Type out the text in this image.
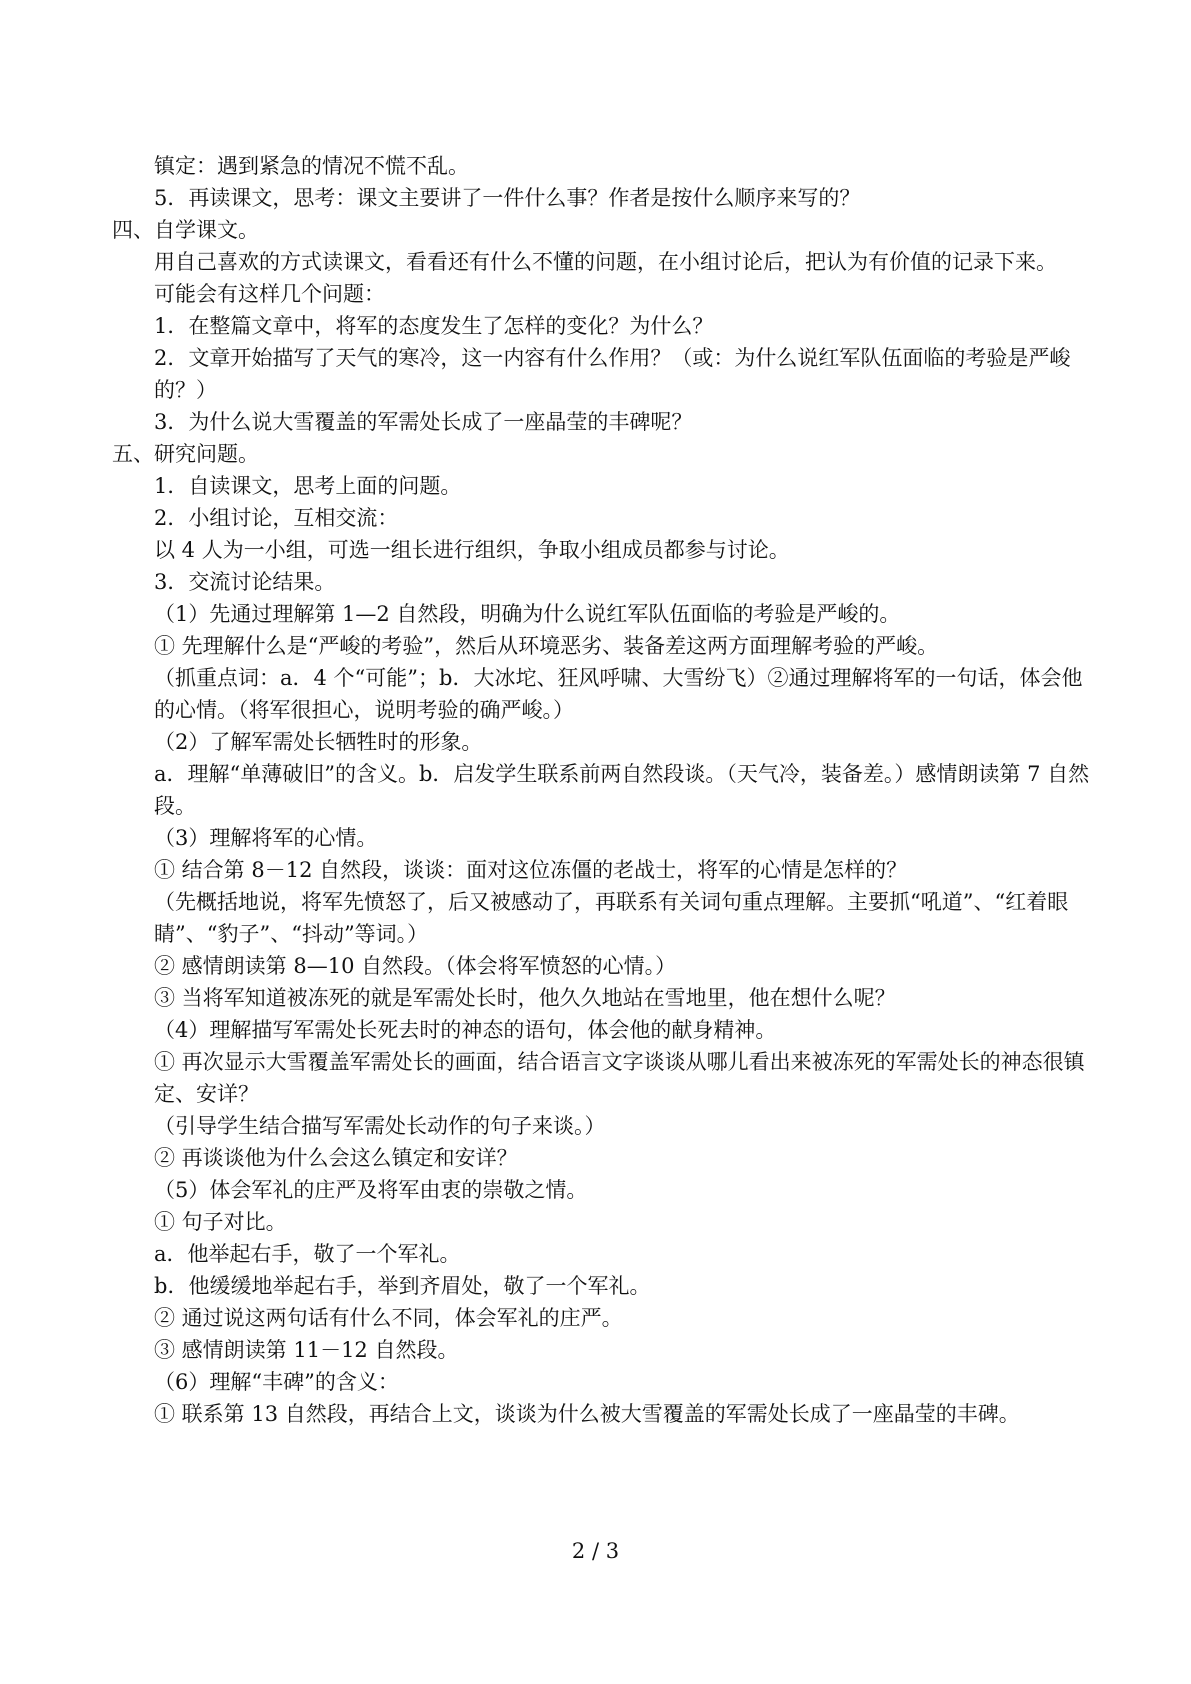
镇定：遇到紧急的情况不慌不乱。
5．再读课文，思考：课文主要讲了一件什么事？作者是按什么顺序来写的？
四、自学课文。
用自己喜欢的方式读课文，看看还有什么不懂的问题，在小组讨论后，把认为有价值的记录下来。
可能会有这样几个问题：
1．在整篇文章中，将军的态度发生了怎样的变化？为什么？
2．文章开始描写了天气的寒冷，这一内容有什么作用？（或：为什么说红军队伍面临的考验是严峻的？）
3．为什么说大雪覆盖的军需处长成了一座晶莹的丰碑呢？
五、研究问题。
1．自读课文，思考上面的问题。
2．小组讨论，互相交流：
以 4 人为一小组，可选一组长进行组织，争取小组成员都参与讨论。
3．交流讨论结果。
（1）先通过理解第 1—2 自然段，明确为什么说红军队伍面临的考验是严峻的。
① 先理解什么是“严峻的考验”，然后从环境恶劣、装备差这两方面理解考验的严峻。
（抓重点词：a．4 个“可能”；b．大冰坨、狂风呼啸、大雪纷飞）②通过理解将军的一句话，体会他的心情。（将军很担心，说明考验的确严峻。）
（2）了解军需处长牺牲时的形象。
a．理解“单薄破旧”的含义。b．启发学生联系前两自然段谈。（天气冷，装备差。）感情朗读第 7 自然段。
（3）理解将军的心情。
① 结合第 8－12 自然段，谈谈：面对这位冻僵的老战士，将军的心情是怎样的？
（先概括地说，将军先愤怒了，后又被感动了，再联系有关词句重点理解。主要抓“吼道”、“红着眼睛”、“豹子”、“抖动”等词。）
② 感情朗读第 8—10 自然段。（体会将军愤怒的心情。）
③ 当将军知道被冻死的就是军需处长时，他久久地站在雪地里，他在想什么呢？
（4）理解描写军需处长死去时的神态的语句，体会他的献身精神。
① 再次显示大雪覆盖军需处长的画面，结合语言文字谈谈从哪儿看出来被冻死的军需处长的神态很镇定、安详？
（引导学生结合描写军需处长动作的句子来谈。）
② 再谈谈他为什么会这么镇定和安详？
（5）体会军礼的庄严及将军由衷的崇敬之情。
① 句子对比。
a．他举起右手，敬了一个军礼。
b．他缓缓地举起右手，举到齐眉处，敬了一个军礼。
② 通过说这两句话有什么不同，体会军礼的庄严。
③ 感情朗读第 11－12 自然段。
（6）理解“丰碑”的含义：
① 联系第 13 自然段，再结合上文，谈谈为什么被大雪覆盖的军需处长成了一座晶莹的丰碑。
2 / 3
